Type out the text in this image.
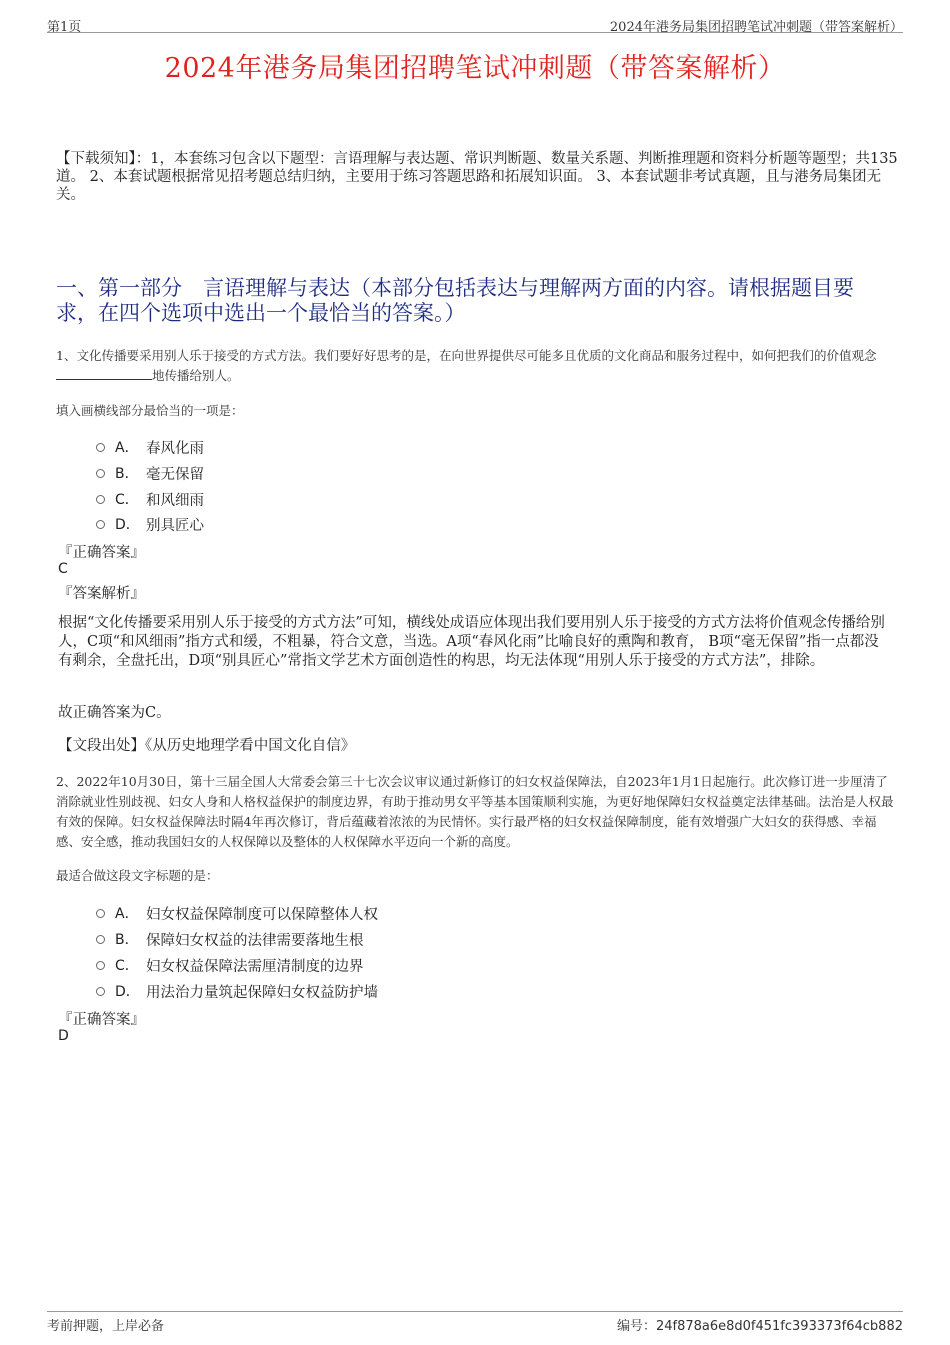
第1页	2024年港务局集团招聘笔试冲刺题（带答案解析）
2024年港务局集团招聘笔试冲刺题（带答案解析）
【下载须知】：1，本套练习包含以下题型：言语理解与表达题、常识判断题、数量关系题、判断推理题和资料分析题等题型；共135道。 2、本套试题根据常见招考题总结归纳，主要用于练习答题思路和拓展知识面。 3、本套试题非考试真题，且与港务局集团无关。
一、第一部分　言语理解与表达（本部分包括表达与理解两方面的内容。请根据题目要求，在四个选项中选出一个最恰当的答案。）
1、文化传播要采用别人乐于接受的方式方法。我们要好好思考的是，在向世界提供尽可能多且优质的文化商品和服务过程中，如何把我们的价值观念地传播给别人。
填入画横线部分最恰当的一项是：
A． 春风化雨
B． 毫无保留
C． 和风细雨
D． 别具匠心
『正确答案』
C
『答案解析』
根据“文化传播要采用别人乐于接受的方式方法”可知，横线处成语应体现出我们要用别人乐于接受的方式方法将价值观念传播给别人，C项“和风细雨”指方式和缓，不粗暴，符合文意，当选。A项“春风化雨”比喻良好的熏陶和教育， B项“毫无保留”指一点都没有剩余，全盘托出，D项“别具匠心”常指文学艺术方面创造性的构思，均无法体现“用别人乐于接受的方式方法”，排除。
故正确答案为C。
【文段出处】《从历史地理学看中国文化自信》
2、2022年10月30日，第十三届全国人大常委会第三十七次会议审议通过新修订的妇女权益保障法，自2023年1月1日起施行。此次修订进一步厘清了消除就业性别歧视、妇女人身和人格权益保护的制度边界，有助于推动男女平等基本国策顺利实施，为更好地保障妇女权益奠定法律基础。法治是人权最有效的保障。妇女权益保障法时隔4年再次修订，背后蕴藏着浓浓的为民情怀。实行最严格的妇女权益保障制度，能有效增强广大妇女的获得感、幸福感、安全感，推动我国妇女的人权保障以及整体的人权保障水平迈向一个新的高度。
最适合做这段文字标题的是：
A． 妇女权益保障制度可以保障整体人权
B． 保障妇女权益的法律需要落地生根
C． 妇女权益保障法需厘清制度的边界
D． 用法治力量筑起保障妇女权益防护墙
『正确答案』
D
考前押题，上岸必备	编号：24f878a6e8d0f451fc393373f64cb882
